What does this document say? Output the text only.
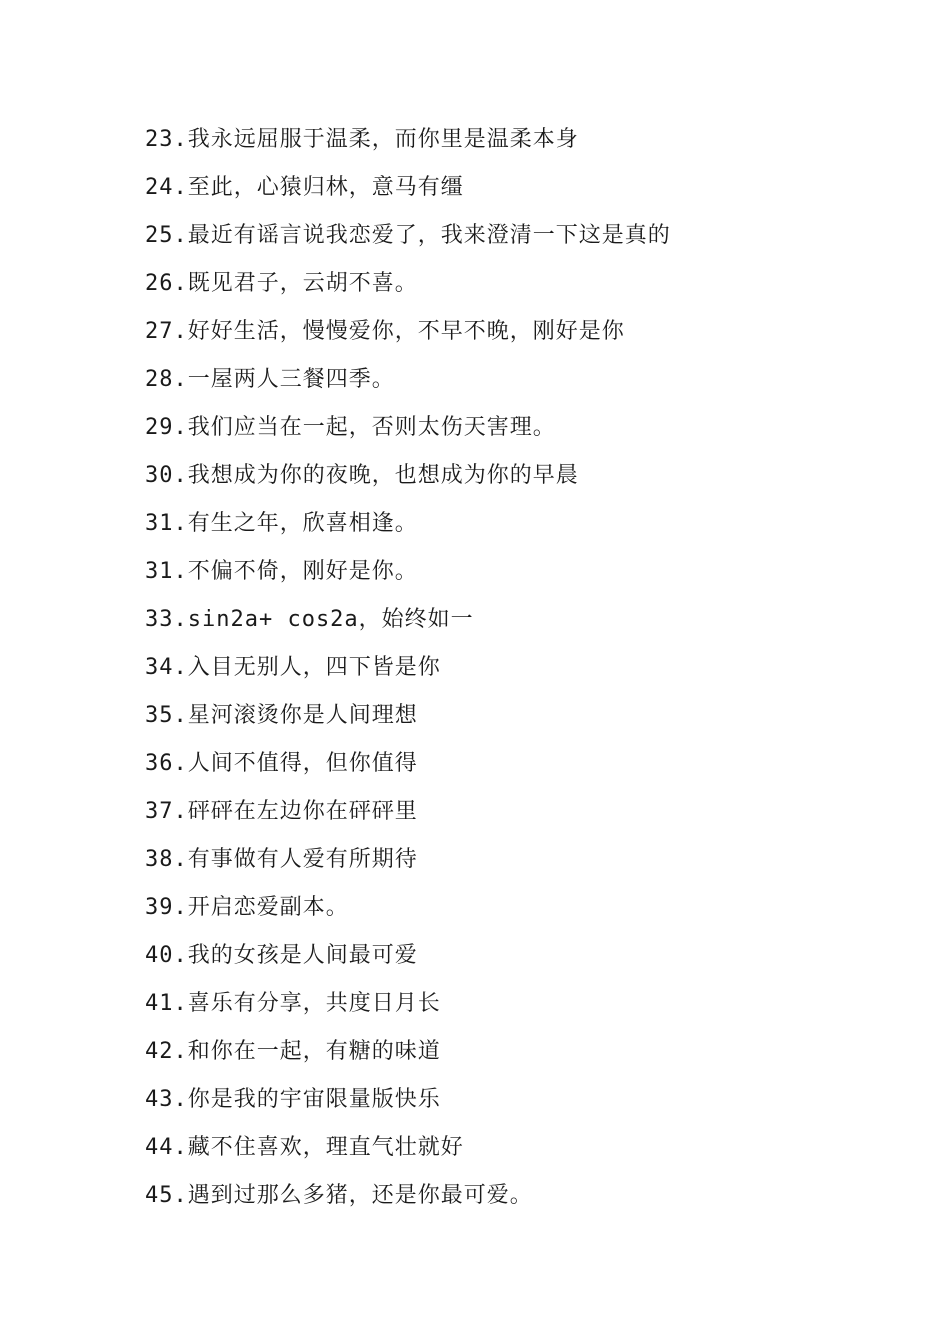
23.我永远屈服于温柔，而你里是温柔本身
24.至此，心猿归林，意马有缰
25.最近有谣言说我恋爱了，我来澄清一下这是真的
26.既见君子，云胡不喜。
27.好好生活，慢慢爱你，不早不晚，刚好是你
28.一屋两人三餐四季。
29.我们应当在一起，否则太伤天害理。
30.我想成为你的夜晚，也想成为你的早晨
31.有生之年，欣喜相逢。
31.不偏不倚，刚好是你。
33.sin2a+ cos2a，始终如一
34.入目无别人，四下皆是你
35.星河滚烫你是人间理想
36.人间不值得，但你值得
37.砰砰在左边你在砰砰里
38.有事做有人爱有所期待
39.开启恋爱副本。
40.我的女孩是人间最可爱
41.喜乐有分享，共度日月长
42.和你在一起，有糖的味道
43.你是我的宇宙限量版快乐
44.藏不住喜欢，理直气壮就好
45.遇到过那么多猪，还是你最可爱。
